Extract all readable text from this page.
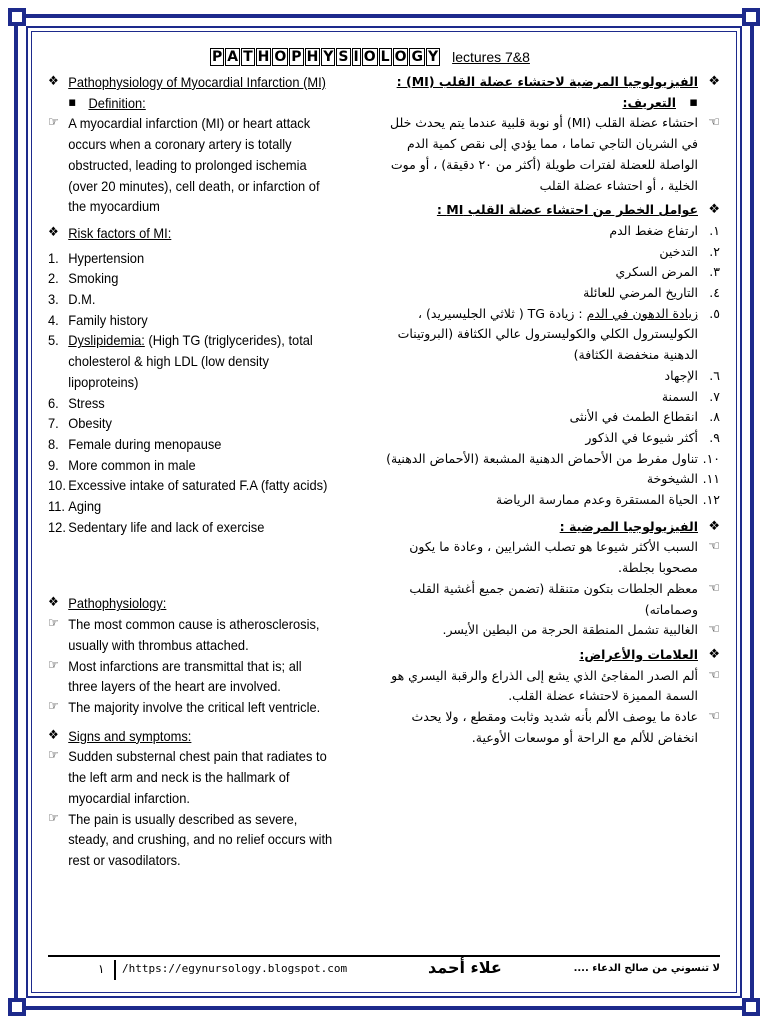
P A T H O P H Y S I O L O G Y lectures 7&8
❖ Pathophysiology of Myocardial Infarction (MI)
▪ Definition:
☞ A myocardial infarction (MI) or heart attack occurs when a coronary artery is totally obstructed, leading to prolonged ischemia (over 20 minutes), cell death, or infarction of the myocardium
❖ Risk factors of MI:
1. Hypertension
2. Smoking
3. D.M.
4. Family history
5. Dyslipidemia: (High TG (triglycerides), total cholesterol & high LDL (low density lipoproteins)
6. Stress
7. Obesity
8. Female during menopause
9. More common in male
10. Excessive intake of saturated F.A (fatty acids)
11. Aging
12. Sedentary life and lack of exercise
❖ Pathophysiology:
☞ The most common cause is atherosclerosis, usually with thrombus attached.
☞ Most infarctions are transmittal that is; all three layers of the heart are involved.
☞ The majority involve the critical left ventricle.
❖ Signs and symptoms:
☞ Sudden substernal chest pain that radiates to the left arm and neck is the hallmark of myocardial infarction.
☞ The pain is usually described as severe, steady, and crushing, and no relief occurs with rest or vasodilators.
❖
الفيزيولوجيا المرضية لاحتشاء عضلة القلب (MI) :
▪
التعريف:
☜
احتشاء عضلة القلب (MI) أو نوبة قلبية عندما يتم يحدث خلل في الشريان التاجي تماما ، مما يؤدي إلى نقص كمية الدم الواصلة للعضلة لفترات طويلة (أكثر من ٢٠ دقيقة) ، أو موت الخلية ، أو احتشاء عضلة القلب
❖
عوامل الخطر من احتشاء عضلة القلب MI :
١.
ارتفاع ضغط الدم
٢.
التدخين
٣.
المرض السكري
٤.
التاريخ المرضي للعائلة
٥.
زيادة الدهون في الدم : زيادة TG ( ثلاثي الجليسيريد) ، الكوليسترول الكلي والكوليسترول عالي الكثافة (البروتينات الدهنية منخفضة الكثافة)
٦.
الإجهاد
٧.
السمنة
٨.
انقطاع الطمث في الأنثى
٩.
أكثر شيوعا في الذكور
١٠.
تناول مفرط من الأحماض الدهنية المشبعة (الأحماض الدهنية)
١١.
الشيخوخة
١٢.
الحياة المستقرة وعدم ممارسة الرياضة
❖
الفيزيولوجيا المرضية :
☜
السبب الأكثر شيوعا هو تصلب الشرايين ، وعادة ما يكون مصحوبا بجلطة.
☜
معظم الجلطات بتكون متنقلة (تضمن جميع أغشية القلب وصماماته)
☜
الغالبية تشمل المنطقة الحرجة من البطين الأيسر.
❖
العلامات والأعراض:
☜
ألم الصدر المفاجئ الذي يشع إلى الذراع والرقبة اليسري هو السمة المميزة لاحتشاء عضلة القلب.
☜
عادة ما يوصف الألم بأنه شديد وثابت ومقطع ، ولا يحدث انخفاض للألم مع الراحة أو موسعات الأوعية.
١ /https://egynursology.blogspot.com	علاء أحمد	لا تنسوني من صالح الدعاء ....
